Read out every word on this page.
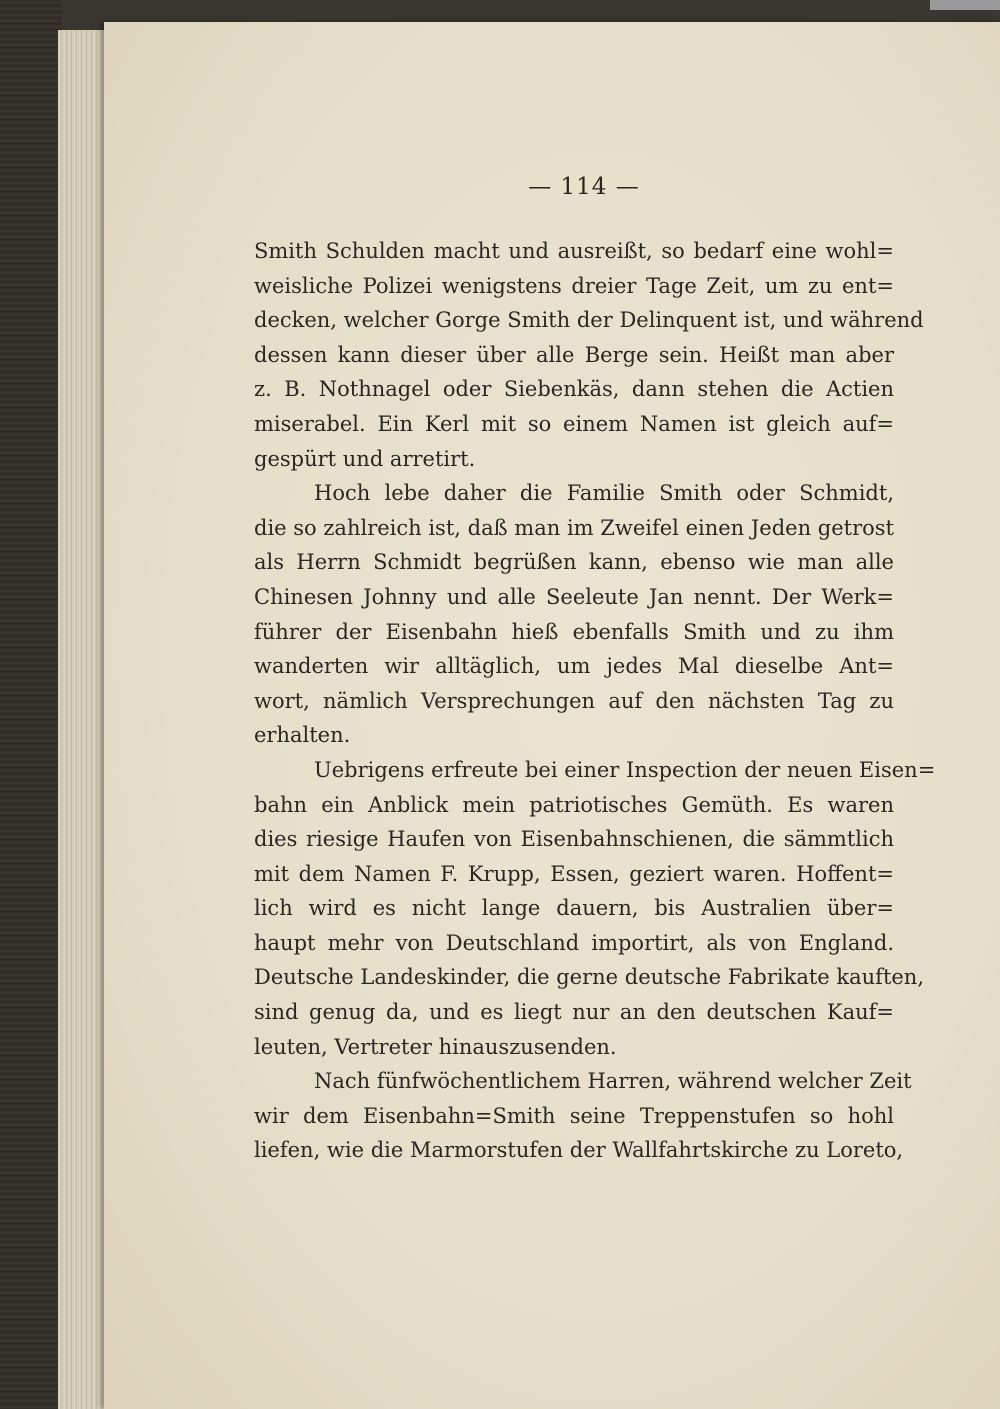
— 114 —
Smith Schulden macht und ausreißt, so bedarf eine wohl=
weisliche Polizei wenigstens dreier Tage Zeit, um zu ent=
decken, welcher Gorge Smith der Delinquent ist, und während
dessen kann dieser über alle Berge sein. Heißt man aber
z. B. Nothnagel oder Siebenkäs, dann stehen die Actien
miserabel. Ein Kerl mit so einem Namen ist gleich auf=
gespürt und arretirt.
Hoch lebe daher die Familie Smith oder Schmidt,
die so zahlreich ist, daß man im Zweifel einen Jeden getrost
als Herrn Schmidt begrüßen kann, ebenso wie man alle
Chinesen Johnny und alle Seeleute Jan nennt. Der Werk=
führer der Eisenbahn hieß ebenfalls Smith und zu ihm
wanderten wir alltäglich, um jedes Mal dieselbe Ant=
wort, nämlich Versprechungen auf den nächsten Tag zu
erhalten.
Uebrigens erfreute bei einer Inspection der neuen Eisen=
bahn ein Anblick mein patriotisches Gemüth. Es waren
dies riesige Haufen von Eisenbahnschienen, die sämmtlich
mit dem Namen F. Krupp, Essen, geziert waren. Hoffent=
lich wird es nicht lange dauern, bis Australien über=
haupt mehr von Deutschland importirt, als von England.
Deutsche Landeskinder, die gerne deutsche Fabrikate kauften,
sind genug da, und es liegt nur an den deutschen Kauf=
leuten, Vertreter hinauszusenden.
Nach fünfwöchentlichem Harren, während welcher Zeit
wir dem Eisenbahn=Smith seine Treppenstufen so hohl
liefen, wie die Marmorstufen der Wallfahrtskirche zu Loreto,
